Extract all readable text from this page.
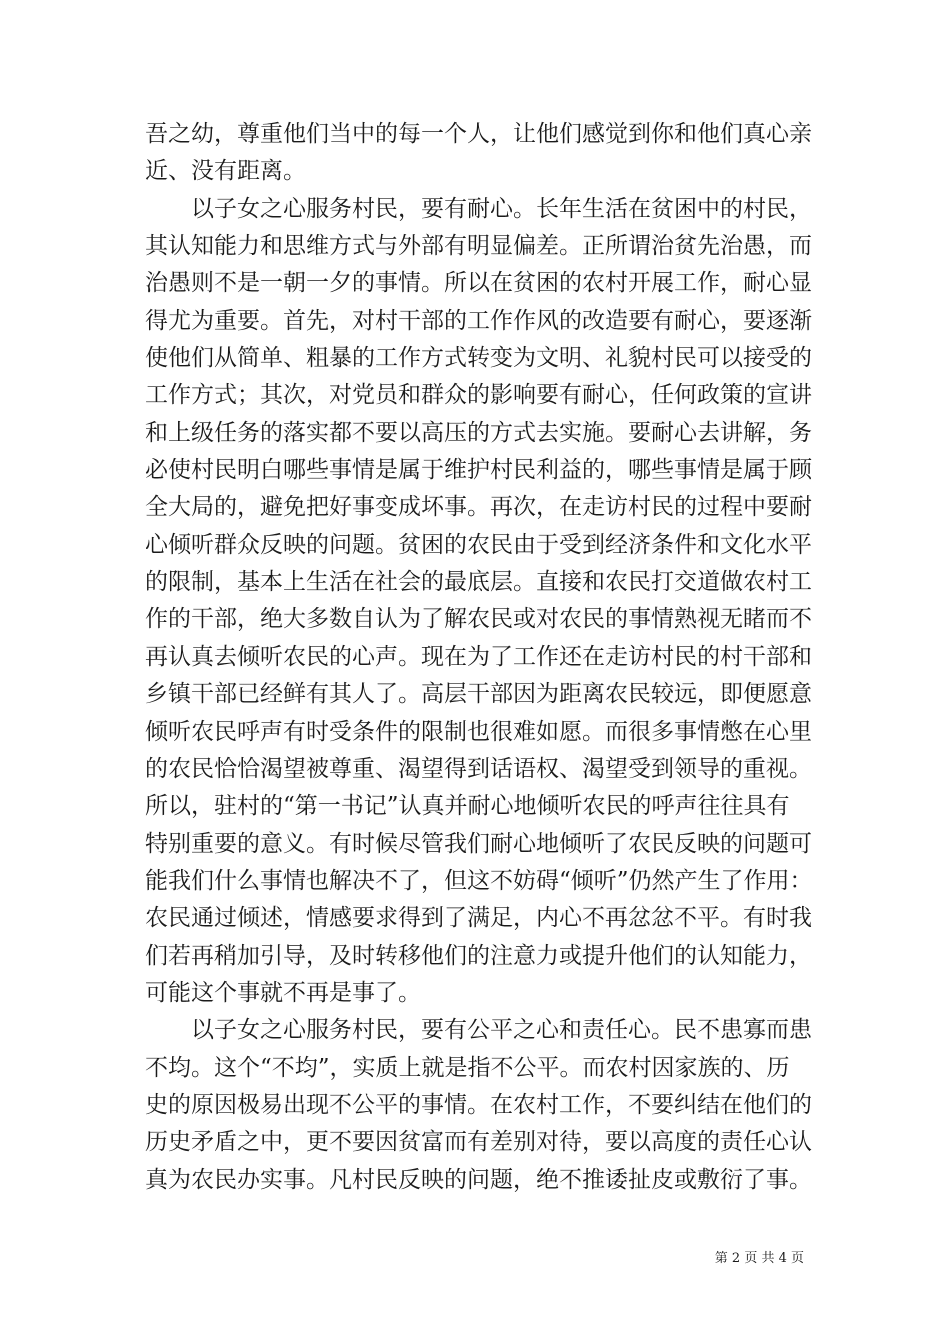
吾之幼，尊重他们当中的每一个人，让他们感觉到你和他们真心亲
近、没有距离。
以子女之心服务村民，要有耐心。长年生活在贫困中的村民，
其认知能力和思维方式与外部有明显偏差。正所谓治贫先治愚，而
治愚则不是一朝一夕的事情。所以在贫困的农村开展工作，耐心显
得尤为重要。首先，对村干部的工作作风的改造要有耐心，要逐渐
使他们从简单、粗暴的工作方式转变为文明、礼貌村民可以接受的
工作方式；其次，对党员和群众的影响要有耐心，任何政策的宣讲
和上级任务的落实都不要以高压的方式去实施。要耐心去讲解，务
必使村民明白哪些事情是属于维护村民利益的，哪些事情是属于顾
全大局的，避免把好事变成坏事。再次，在走访村民的过程中要耐
心倾听群众反映的问题。贫困的农民由于受到经济条件和文化水平
的限制，基本上生活在社会的最底层。直接和农民打交道做农村工
作的干部，绝大多数自认为了解农民或对农民的事情熟视无睹而不
再认真去倾听农民的心声。现在为了工作还在走访村民的村干部和
乡镇干部已经鲜有其人了。高层干部因为距离农民较远，即便愿意
倾听农民呼声有时受条件的限制也很难如愿。而很多事情憋在心里
的农民恰恰渴望被尊重、渴望得到话语权、渴望受到领导的重视。
所以，驻村的“第一书记”认真并耐心地倾听农民的呼声往往具有
特别重要的意义。有时候尽管我们耐心地倾听了农民反映的问题可
能我们什么事情也解决不了，但这不妨碍“倾听”仍然产生了作用：
农民通过倾述，情感要求得到了满足，内心不再忿忿不平。有时我
们若再稍加引导，及时转移他们的注意力或提升他们的认知能力，
可能这个事就不再是事了。
以子女之心服务村民，要有公平之心和责任心。民不患寡而患
不均。这个“不均”，实质上就是指不公平。而农村因家族的、历
史的原因极易出现不公平的事情。在农村工作，不要纠结在他们的
历史矛盾之中，更不要因贫富而有差别对待，要以高度的责任心认
真为农民办实事。凡村民反映的问题，绝不推诿扯皮或敷衍了事。
第 2 页 共 4 页
